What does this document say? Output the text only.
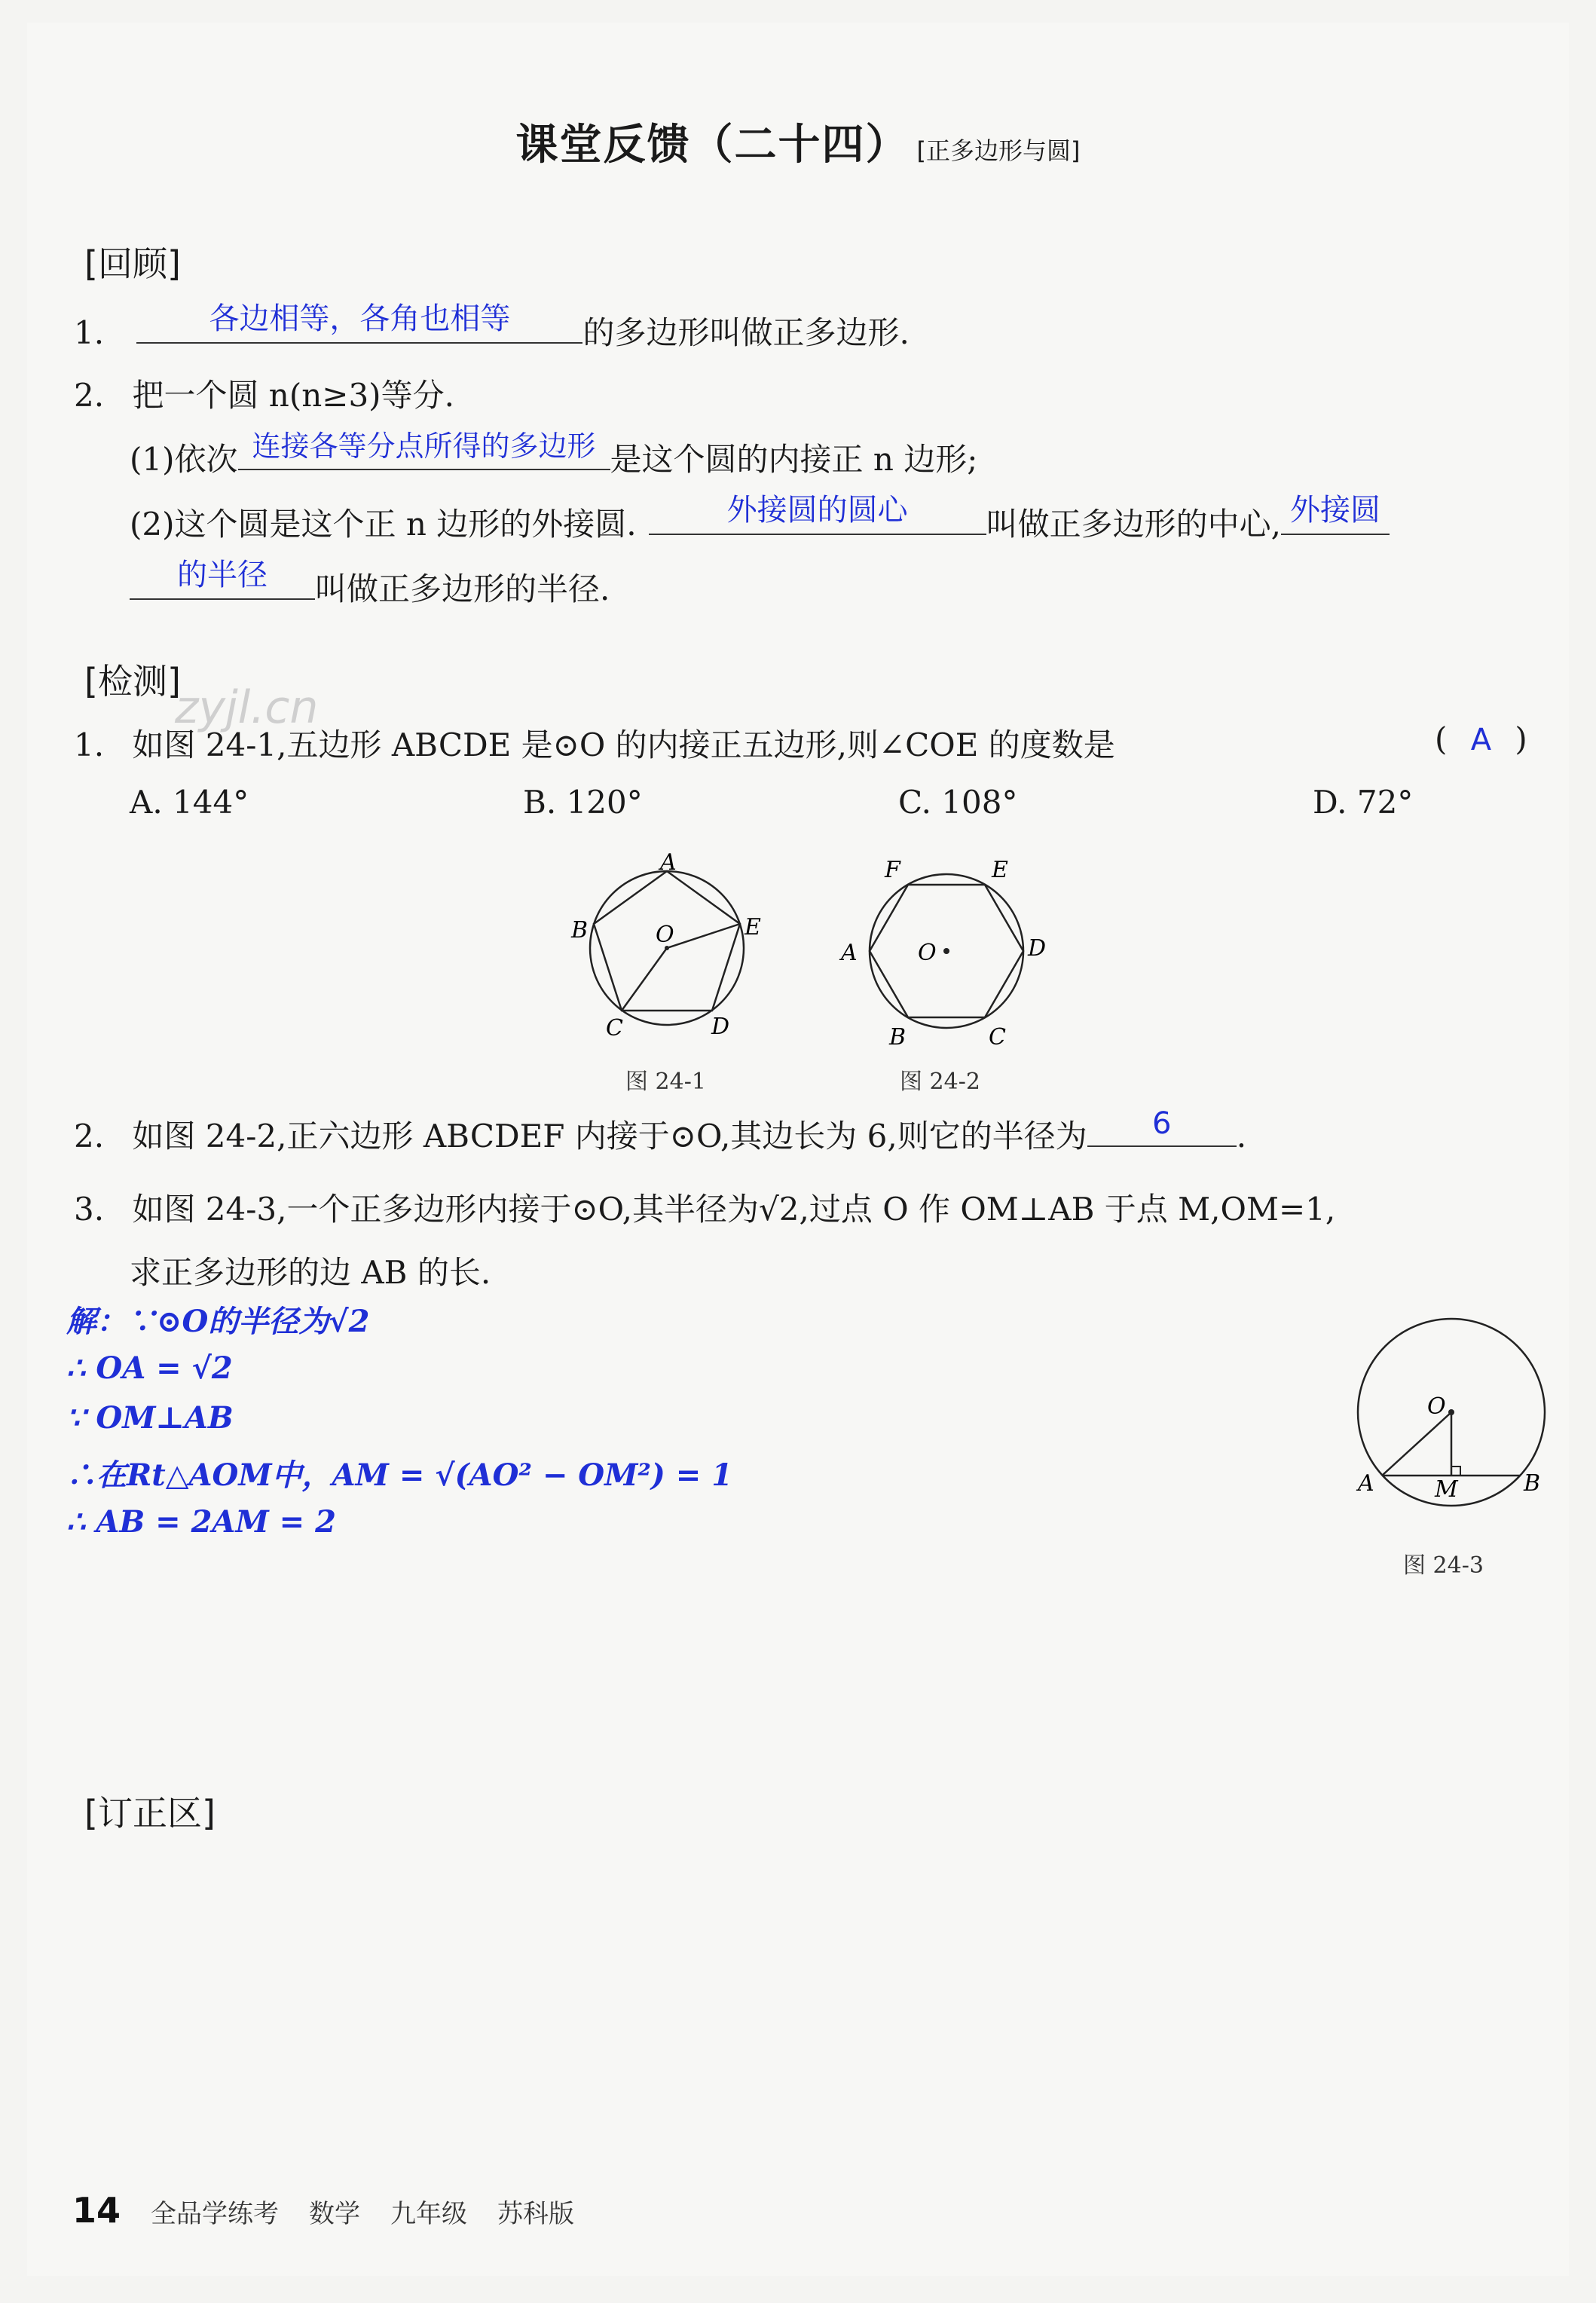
课堂反馈（二十四） [正多边形与圆]
[回顾]
1.	各边相等，各角也相等	的多边形叫做正多边形.
2. 把一个圆 n(n≥3)等分.
(1)依次 连接各等分点所得的多边形 是这个圆的内接正 n 边形;
(2)这个圆是这个正 n 边形的外接圆.	外接圆的圆心	叫做正多边形的中心, 外接圆
的半径	叫做正多边形的半径.
[检测]
zyjl.cn
1. 如图 24-1,五边形 ABCDE 是⊙O 的内接正五边形,则∠COE 的度数是	( A )
A. 144°	B. 120°	C. 108°	D. 72°
A
B
C	D
E
O
图 24-1
A
B	C
D
E
F
O
图 24-2
2. 如图 24-2,正六边形 ABCDEF 内接于⊙O,其边长为 6,则它的半径为	6	.
3. 如图 24-3,一个正多边形内接于⊙O,其半径为√2,过点 O 作 OM⊥AB 于点 M,OM=1,
求正多边形的边 AB 的长.
解：∵⊙O的半径为√2
∴ OA = √2
∵ OM⊥AB
∴在Rt△AOM中，AM = √(AO² − OM²) = 1
∴ AB = 2AM = 2
O
A	M	B
图 24-3
[订正区]
14 全品学练考 数学 九年级 苏科版
